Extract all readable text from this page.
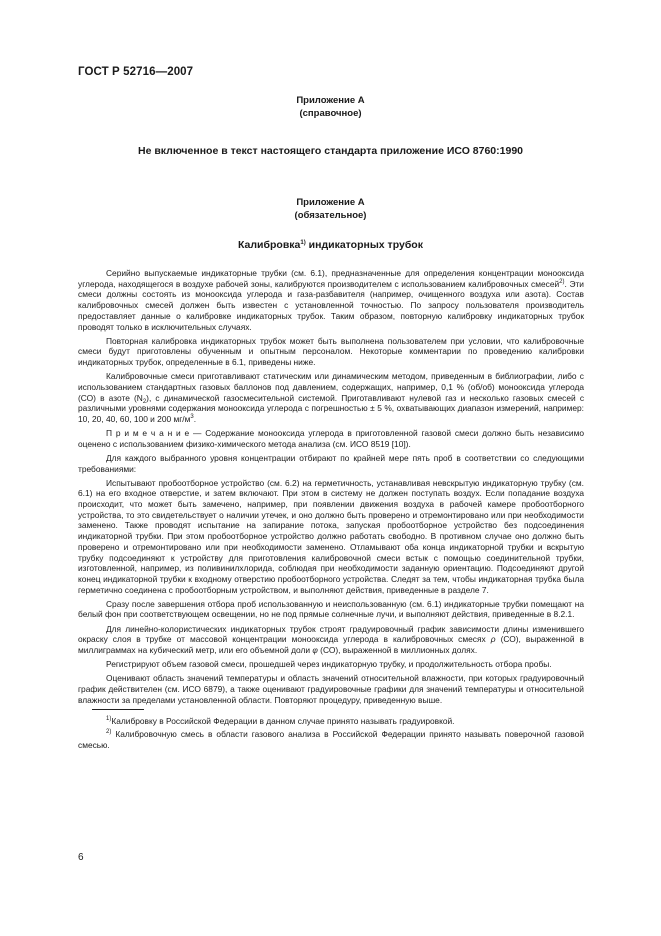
ГОСТ Р 52716—2007
Приложение А
(справочное)
Не включенное в текст настоящего стандарта приложение ИСО 8760:1990
Приложение А
(обязательное)
Калибровка$^{1)}$ индикаторных трубок

Серийно выпускаемые индикаторные трубки (см. 6.1), предназначенные для определения концентрации монооксида углерода, находящегося в воздухе рабочей зоны, калибруются производителем с использованием калибровочных смесей$^{2)}$. Эти смеси должны состоять из монооксида углерода и газа-разбавителя (например, очищенного воздуха или азота). Состав калибровочных смесей должен быть известен с установленной точностью. По запросу пользователя производитель предоставляет данные о калибровке индикаторных трубок. Таким образом, повторную калибровку индикаторных трубок проводят только в исключительных случаях.

Повторная калибровка индикаторных трубок может быть выполнена пользователем при условии, что калибровочные смеси будут приготовлены обученным и опытным персоналом. Некоторые комментарии по проведению калибровки индикаторных трубок, определенные в 6.1, приведены ниже.

Калибровочные смеси приготавливают статическим или динамическим методом, приведенным в библиографии, либо с использованием стандартных газовых баллонов под давлением, содержащих, например, 0,1 % (об/об) монооксида углерода (СО) в азоте $(N_2)$, с динамической газосмесительной системой. Приготавливают нулевой газ и несколько газовых смесей с различными уровнями содержания монооксида углерода с погрешностью ± 5 %, охватывающих диапазон измерений, например: 10, 20, 40, 60, 100 и 200 $мг/м^3$.

П р и м е ч а н и е — Содержание монооксида углерода в приготовленной газовой смеси должно быть независимо оценено с использованием физико-химического метода анализа (см. ИСО 8519 [10]).

Для каждого выбранного уровня концентрации отбирают по крайней мере пять проб в соответствии со следующими требованиями:

Испытывают пробоотборное устройство (см. 6.2) на герметичность, устанавливая невскрытую индикаторную трубку (см. 6.1) на его входное отверстие, и затем включают. При этом в систему не должен поступать воздух. Если попадание воздуха происходит, что может быть замечено, например, при появлении движения воздуха в рабочей камере пробоотборного устройства, то это свидетельствует о наличии утечек, и оно должно быть проверено и отремонтировано или при необходимости заменено. Также проводят испытание на запирание потока, запуская пробоотборное устройство без подсоединения индикаторной трубки. При этом пробоотборное устройство должно работать свободно. В противном случае оно должно быть проверено и отремонтировано или при необходимости заменено. Отламывают оба конца индикаторной трубки и вскрытую трубку подсоединяют к устройству для приготовления калибровочной смеси встык с помощью соединительной трубки, изготовленной, например, из поливинилхлорида, соблюдая при необходимости заданную ориентацию. Подсоединяют другой конец индикаторной трубки к входному отверстию пробоотборного устройства. Следят за тем, чтобы индикаторная трубка была герметично соединена с пробоотборным устройством, и выполняют действия, приведенные в разделе 7.

Сразу после завершения отбора проб использованную и неиспользованную (см. 6.1) индикаторные трубки помещают на белый фон при соответствующем освещении, но не под прямые солнечные лучи, и выполняют действия, приведенные в 8.2.1.

Для линейно-колористических индикаторных трубок строят градуировочный график зависимости длины изменившего окраску слоя в трубке от массовой концентрации монооксида углерода в калибровочных смесях ρ (СО), выраженной в миллиграммах на кубический метр, или его объемной доли φ (СО), выраженной в миллионных долях.

Регистрируют объем газовой смеси, прошедшей через индикаторную трубку, и продолжительность отбора пробы.

Оценивают область значений температуры и область значений относительной влажности, при которых градуировочный график действителен (см. ИСО 6879), а также оценивают градуировочные графики для значений температуры и относительной влажности за пределами установленной области. Повторяют процедуру, приведенную выше.

$^{1)}$Калибровку в Российской Федерации в данном случае принято называть градуировкой.
$^{2)}$ Калибровочную смесь в области газового анализа в Российской Федерации принято называть поверочной газовой смесью.
6
